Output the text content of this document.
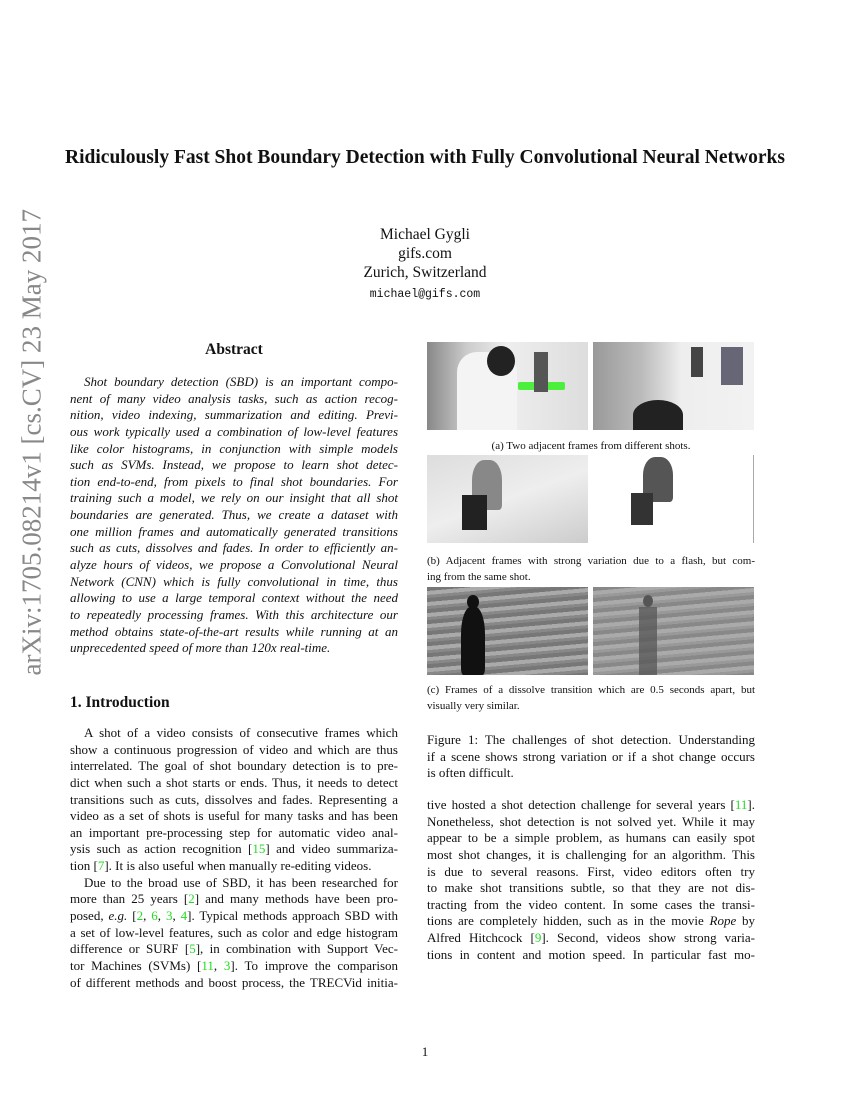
arXiv:1705.08214v1 [cs.CV] 23 May 2017
Ridiculously Fast Shot Boundary Detection with Fully Convolutional Neural Networks
Michael Gygli
gifs.com
Zurich, Switzerland
michael@gifs.com
Abstract
Shot boundary detection (SBD) is an important compo-
nent of many video analysis tasks, such as action recog-
nition, video indexing, summarization and editing. Previ-
ous work typically used a combination of low-level features
like color histograms, in conjunction with simple models
such as SVMs. Instead, we propose to learn shot detec-
tion end-to-end, from pixels to final shot boundaries. For
training such a model, we rely on our insight that all shot
boundaries are generated. Thus, we create a dataset with
one million frames and automatically generated transitions
such as cuts, dissolves and fades. In order to efficiently an-
alyze hours of videos, we propose a Convolutional Neural
Network (CNN) which is fully convolutional in time, thus
allowing to use a large temporal context without the need
to repeatedly processing frames. With this architecture our
method obtains state-of-the-art results while running at an
unprecedented speed of more than 120x real-time.
1. Introduction
A shot of a video consists of consecutive frames which
show a continuous progression of video and which are thus
interrelated. The goal of shot boundary detection is to pre-
dict when such a shot starts or ends. Thus, it needs to detect
transitions such as cuts, dissolves and fades. Representing a
video as a set of shots is useful for many tasks and has been
an important pre-processing step for automatic video anal-
ysis such as action recognition [15] and video summariza-
tion [7]. It is also useful when manually re-editing videos.
Due to the broad use of SBD, it has been researched for
more than 25 years [2] and many methods have been pro-
posed, e.g. [2, 6, 3, 4]. Typical methods approach SBD with
a set of low-level features, such as color and edge histogram
difference or SURF [5], in combination with Support Vec-
tor Machines (SVMs) [11, 3]. To improve the comparison
of different methods and boost process, the TRECVid initia-
(a) Two adjacent frames from different shots.
(b) Adjacent frames with strong variation due to a flash, but com-
ing from the same shot.
(c) Frames of a dissolve transition which are 0.5 seconds apart, but
visually very similar.
Figure 1: The challenges of shot detection. Understanding
if a scene shows strong variation or if a shot change occurs
is often difficult.
tive hosted a shot detection challenge for several years [11].
Nonetheless, shot detection is not solved yet. While it may
appear to be a simple problem, as humans can easily spot
most shot changes, it is challenging for an algorithm. This
is due to several reasons. First, video editors often try
to make shot transitions subtle, so that they are not dis-
tracting from the video content. In some cases the transi-
tions are completely hidden, such as in the movie Rope by
Alfred Hitchcock [9]. Second, videos show strong varia-
tions in content and motion speed. In particular fast mo-
1
